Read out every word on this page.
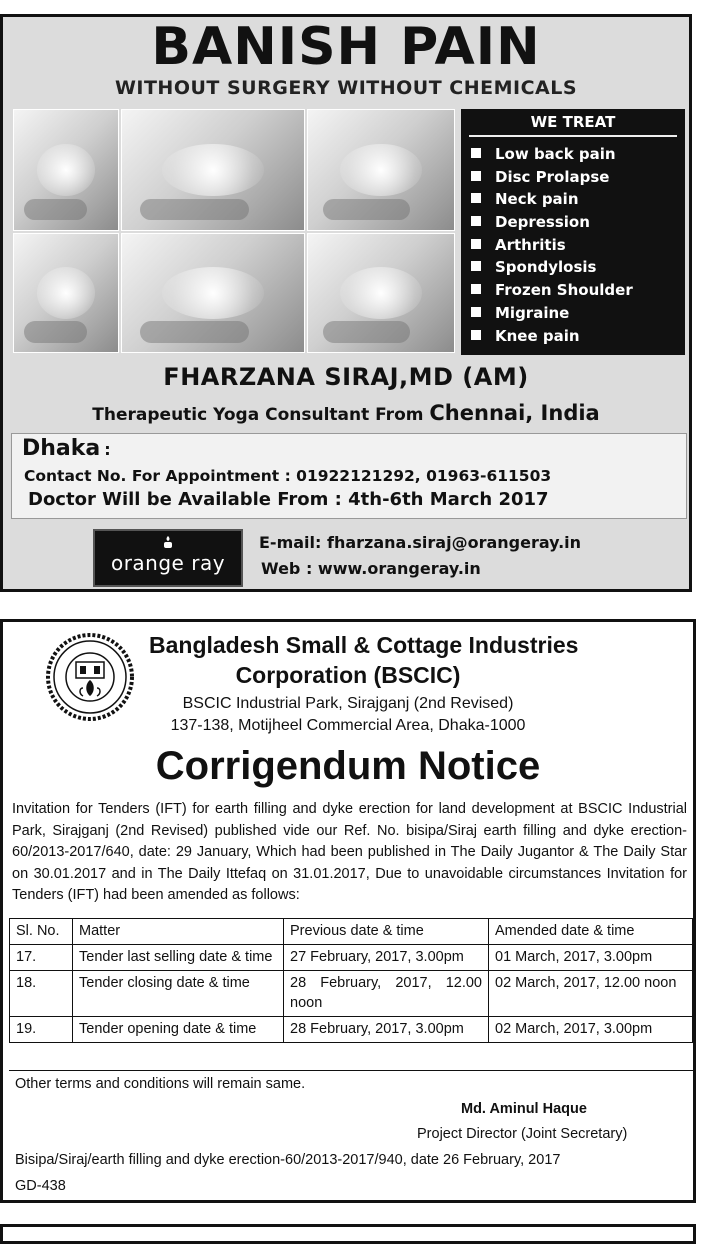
BANISH PAIN
WITHOUT SURGERY WITHOUT CHEMICALS
WE TREAT
Low back pain
Disc Prolapse
Neck pain
Depression
Arthritis
Spondylosis
Frozen Shoulder
Migraine
Knee pain
FHARZANA SIRAJ,MD (AM)
Therapeutic Yoga Consultant From Chennai, India
Dhaka :
Contact No. For Appointment : 01922121292, 01963-611503
Doctor Will be Available From : 4th-6th March 2017
orange ray
E-mail: fharzana.siraj@orangeray.in
Web : www.orangeray.in
Bangladesh Small & Cottage Industries
Corporation (BSCIC)
BSCIC Industrial Park, Sirajganj (2nd Revised)
137-138, Motijheel Commercial Area, Dhaka-1000
Corrigendum Notice
Invitation for Tenders (IFT) for earth filling and dyke erection for land development at BSCIC Industrial Park, Sirajganj (2nd Revised) published vide our Ref. No. bisipa/Siraj earth filling and dyke erection-60/2013-2017/640, date: 29 January, Which had been published in The Daily Jugantor & The Daily Star on 30.01.2017 and in The Daily Ittefaq on 31.01.2017, Due to unavoidable circumstances Invitation for Tenders (IFT) had been amended as follows:
Sl. No.	Matter	Previous date & time	Amended date & time
17.	Tender last selling date & time	27 February, 2017, 3.00pm	01 March, 2017, 3.00pm
18.	Tender closing date & time	28 February, 2017, 12.00 noon	02 March, 2017, 12.00 noon
19.	Tender opening date & time	28 February, 2017, 3.00pm	02 March, 2017, 3.00pm
Other terms and conditions will remain same.
Md. Aminul Haque
Project Director (Joint Secretary)
Bisipa/Siraj/earth filling and dyke erection-60/2013-2017/940, date 26 February, 2017
GD-438
